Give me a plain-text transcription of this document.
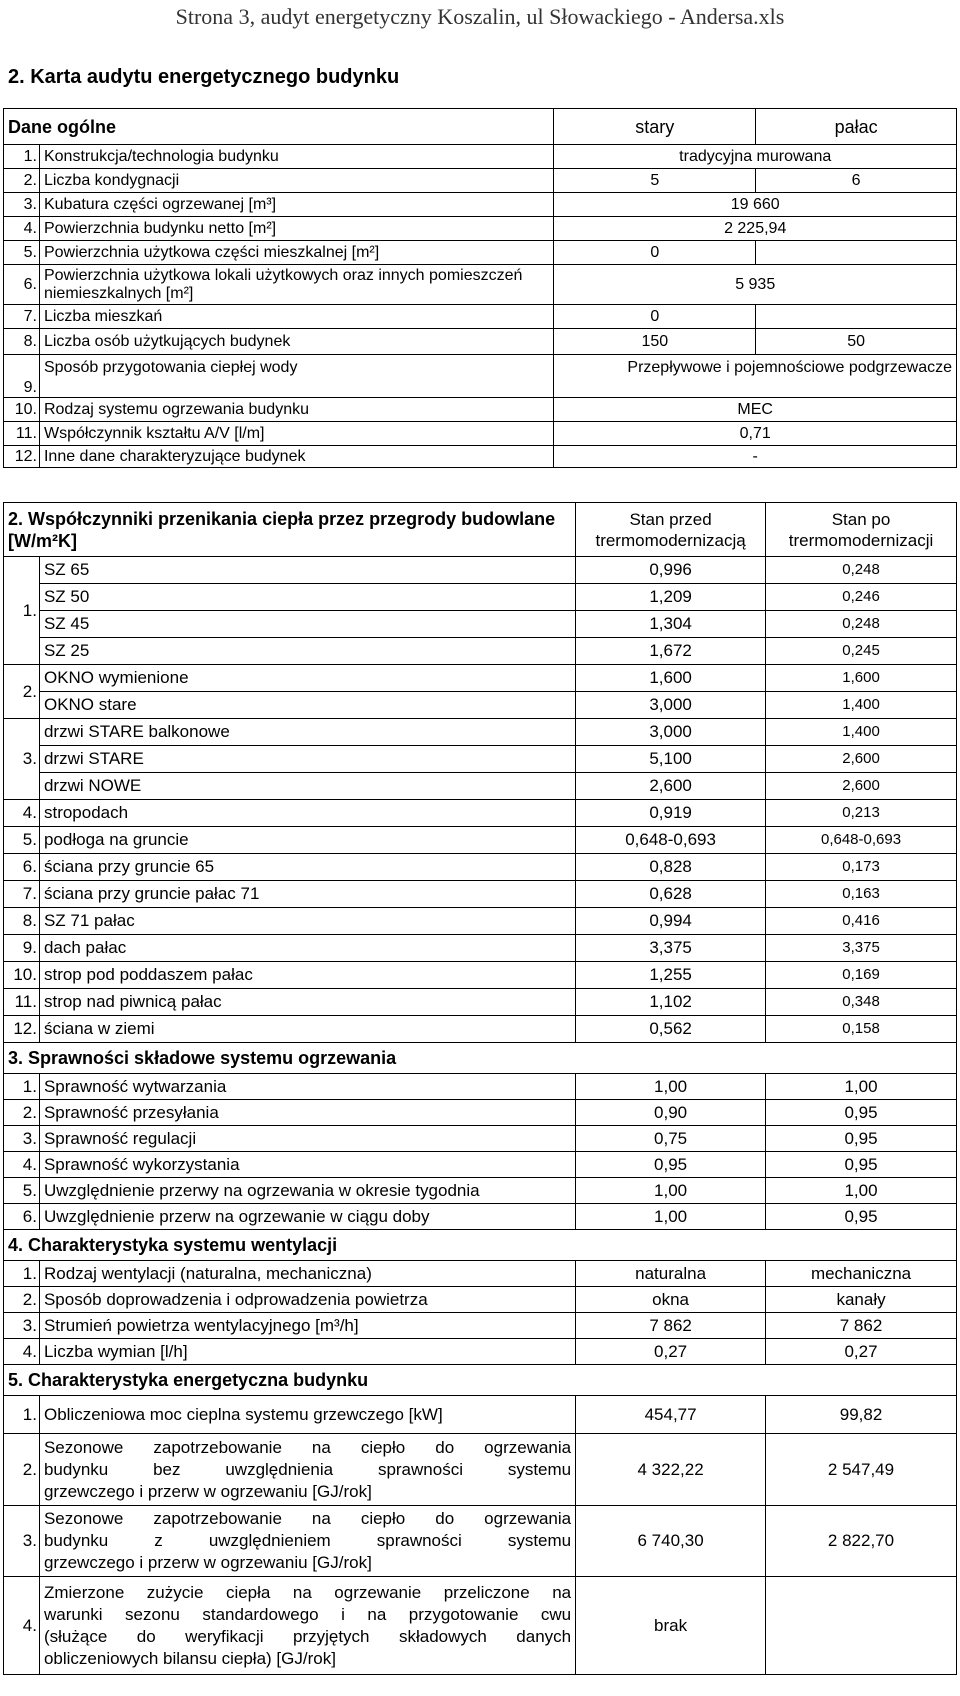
Strona 3, audyt energetyczny Koszalin, ul Słowackiego - Andersa.xls
2. Karta audytu energetycznego budynku
Dane ogólne		stary	pałac
1.	Konstrukcja/technologia budynku	tradycyjna murowana	
2.	Liczba kondygnacji	5	6
3.	Kubatura części ogrzewanej [m³]	19 660	
4.	Powierzchnia budynku netto [m²]	2 225,94	
5.	Powierzchnia użytkowa części mieszkalnej [m²]	0	
6.	Powierzchnia użytkowa lokali użytkowych oraz innych pomieszczeń niemieszkalnych [m²]	5 935	
7.	Liczba mieszkań	0	
8.	Liczba osób użytkujących budynek	150	50
9.	Sposób przygotowania ciepłej wody	Przepływowe i pojemnościowe podgrzewacze	
10.	Rodzaj systemu ogrzewania budynku	MEC	
11.	Współczynnik kształtu A/V [l/m]	0,71	
12.	Inne dane charakteryzujące budynek	-	
2. Współczynniki przenikania ciepła przez przegrody budowlane [W/m²K]		Stan przed trermomodernizacją	Stan po trermomodernizacji
1.	SZ 65	0,996	0,248
	SZ 50	1,209	0,246
	SZ 45	1,304	0,248
	SZ 25	1,672	0,245
2.	OKNO wymienione	1,600	1,600
	OKNO stare	3,000	1,400
3.	drzwi STARE balkonowe	3,000	1,400
	drzwi STARE	5,100	2,600
	drzwi NOWE	2,600	2,600
4.	stropodach	0,919	0,213
5.	podłoga na gruncie	0,648-0,693	0,648-0,693
6.	ściana przy gruncie 65	0,828	0,173
7.	ściana przy gruncie pałac 71	0,628	0,163
8.	SZ 71 pałac	0,994	0,416
9.	dach pałac	3,375	3,375
10.	strop pod poddaszem pałac	1,255	0,169
11.	strop nad piwnicą pałac	1,102	0,348
12.	ściana w ziemi	0,562	0,158
3. Sprawności składowe systemu ogrzewania			
1.	Sprawność wytwarzania	1,00	1,00
2.	Sprawność przesyłania	0,90	0,95
3.	Sprawność regulacji	0,75	0,95
4.	Sprawność wykorzystania	0,95	0,95
5.	Uwzględnienie przerwy na ogrzewania w okresie tygodnia	1,00	1,00
6.	Uwzględnienie przerw na ogrzewanie w ciągu doby	1,00	0,95
4. Charakterystyka systemu wentylacji			
1.	Rodzaj wentylacji (naturalna, mechaniczna)	naturalna	mechaniczna
2.	Sposób doprowadzenia i odprowadzenia powietrza	okna	kanały
3.	Strumień powietrza wentylacyjnego [m³/h]	7 862	7 862
4.	Liczba wymian [l/h]	0,27	0,27
5. Charakterystyka energetyczna budynku			
1.	Obliczeniowa moc cieplna systemu grzewczego [kW]	454,77	99,82
2.	Sezonowe zapotrzebowanie na ciepło do ogrzewania
budynku bez uwzględnienia sprawności systemu
grzewczego i przerw w ogrzewaniu [GJ/rok]	4 322,22	2 547,49
3.	Sezonowe zapotrzebowanie na ciepło do ogrzewania
budynku z uwzględnieniem sprawności systemu
grzewczego i przerw w ogrzewaniu [GJ/rok]	6 740,30	2 822,70
4.	Zmierzone zużycie ciepła na ogrzewanie przeliczone na
warunki sezonu standardowego i na przygotowanie cwu
(służące do weryfikacji przyjętych składowych danych
obliczeniowych bilansu ciepła) [GJ/rok]	brak	
